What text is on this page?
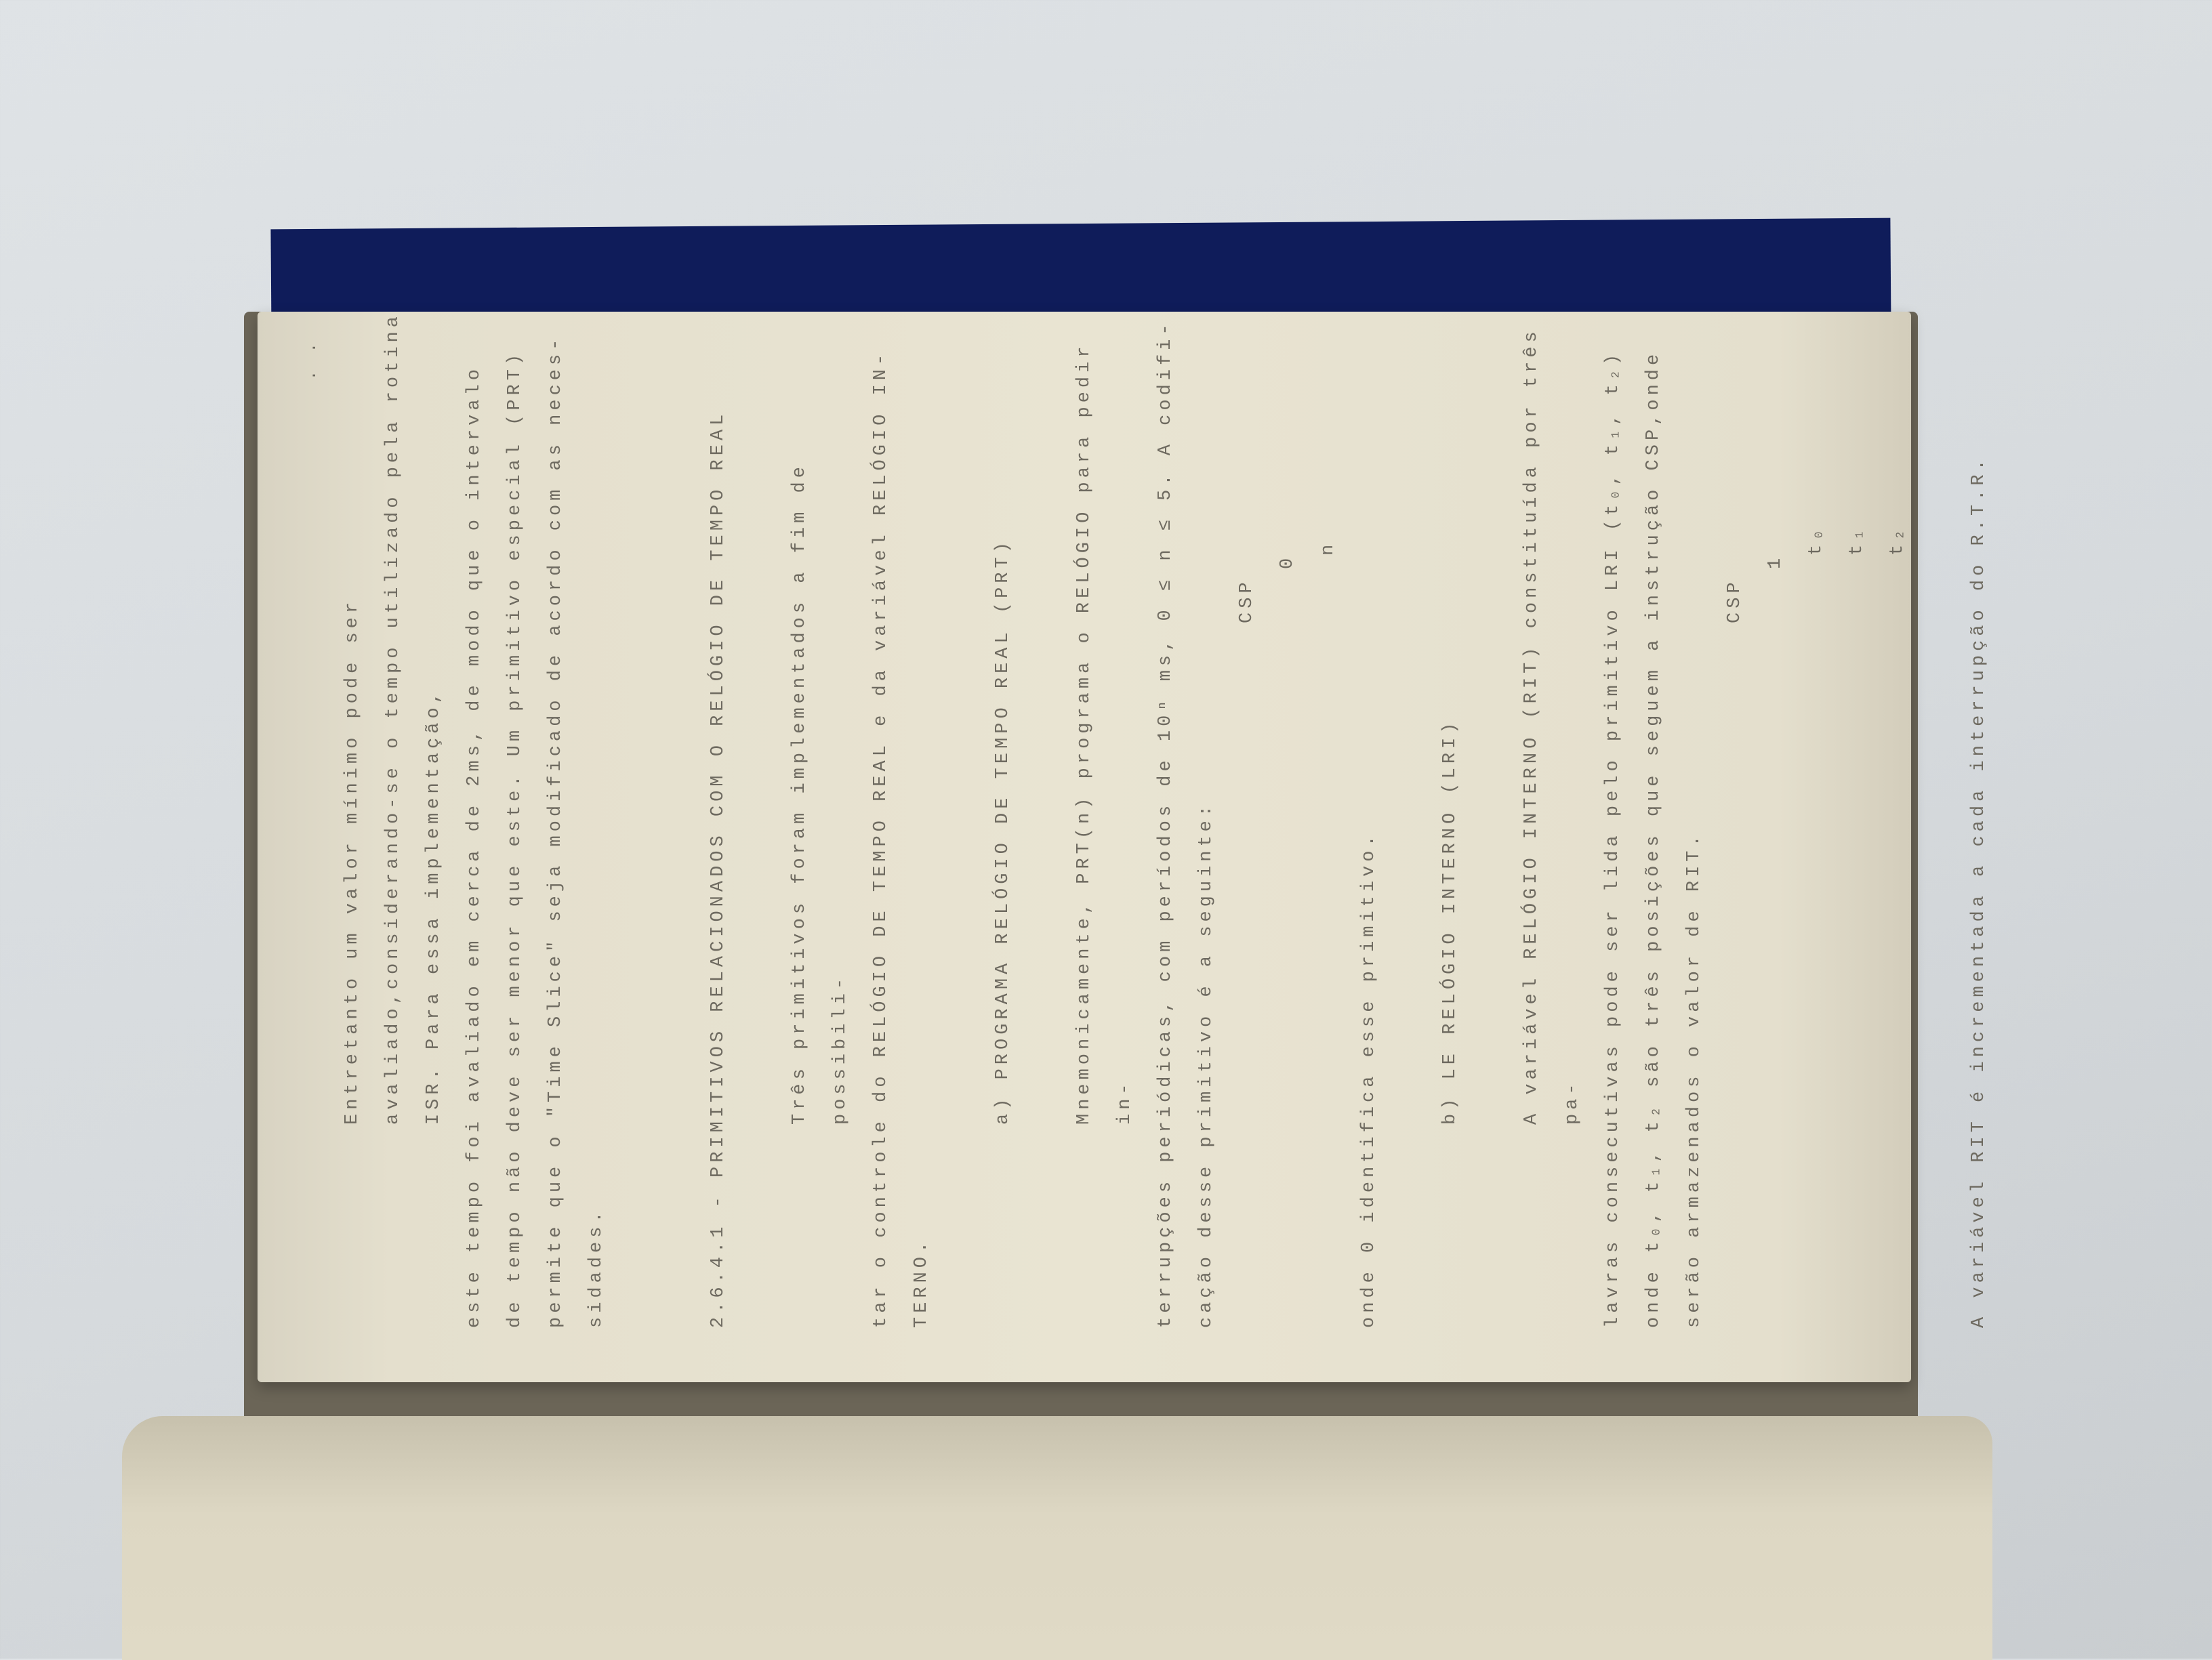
. .

Entretanto um valor mínimo pode ser avaliado,considerando-se o tempo utilizado pela rotina ISR. Para essa implementação,	este tempo foi avaliado em cerca de 2ms, de modo que o intervalo	de tempo não deve ser menor que este. Um primitivo especial (PRT)	permite que o "Time Slice" seja modificado de acordo com as neces-	sidades.	2.6.4.1 - PRIMITIVOS RELACIONADOS COM O RELÓGIO DE TEMPO REAL	Três primitivos foram implementados a fim de possibili-	tar o controle do RELÓGIO DE TEMPO REAL e da variável RELÓGIO IN-	TERNO.

a) PROGRAMA RELÓGIO DE TEMPO REAL (PRT)	Mnemonicamente, PRT(n) programa o RELÓGIO para pedir in-	terrupções periódicas, com períodos de 10ⁿ ms, 0 ≤ n ≤ 5. A codifi-	cação desse primitivo é a seguinte:

CSP

0

n

onde 0 identifica esse primitivo.	b) LE RELÓGIO INTERNO (LRI)	A variável RELÓGIO INTERNO (RIT) constituída por três pa-	lavras consecutivas pode ser lida pelo primitivo LRI (t₀, t₁, t₂)	onde t₀, t₁, t₂ são três posições que seguem a instrução CSP,onde	serão armazenados o valor de RIT.

CSP

1

t₀	t₁	t₂	A variável RIT é incrementada a cada interrupção do R.T.R.
